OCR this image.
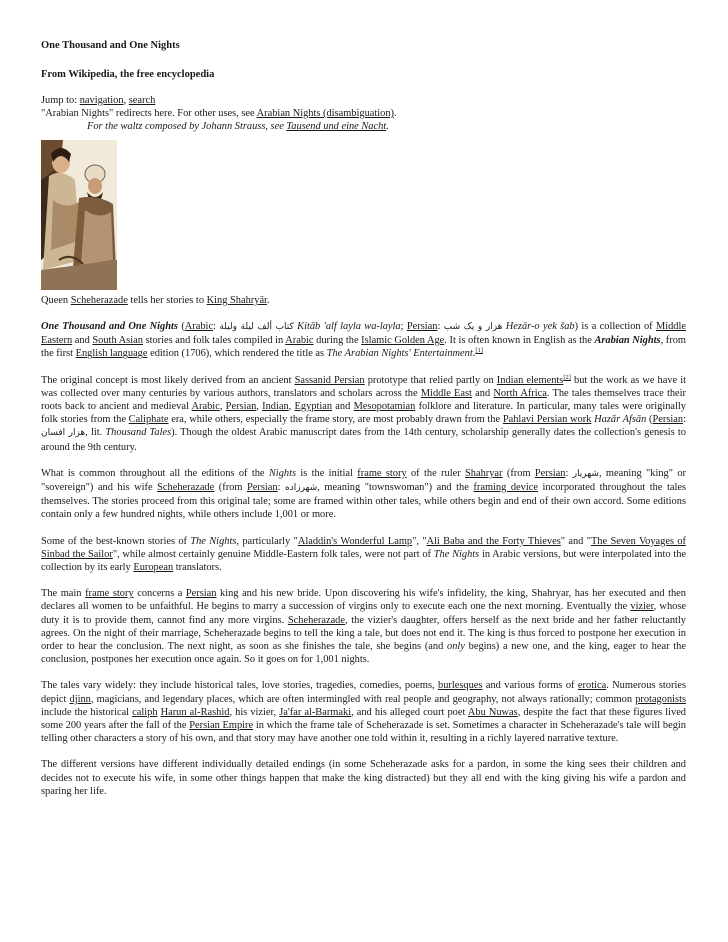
One Thousand and One Nights
From Wikipedia, the free encyclopedia
Jump to: navigation, search
"Arabian Nights" redirects here. For other uses, see Arabian Nights (disambiguation).
For the waltz composed by Johann Strauss, see Tausend und eine Nacht.
Queen Scheherazade tells her stories to King Shahryār.

One Thousand and One Nights (Arabic: كتاب ألف ليلة وليلة Kitāb 'alf layla wa-layla; Persian: هزار و یک شب Hezār-o yek šab) is a collection of Middle Eastern and South Asian stories and folk tales compiled in Arabic during the Islamic Golden Age. It is often known in English as the Arabian Nights, from the first English language edition (1706), which rendered the title as The Arabian Nights' Entertainment.[1]

The original concept is most likely derived from an ancient Sassanid Persian prototype that relied partly on Indian elements[2] but the work as we have it was collected over many centuries by various authors, translators and scholars across the Middle East and North Africa. The tales themselves trace their roots back to ancient and medieval Arabic, Persian, Indian, Egyptian and Mesopotamian folklore and literature. In particular, many tales were originally folk stories from the Caliphate era, while others, especially the frame story, are most probably drawn from the Pahlavi Persian work Hazār Afsān (Persian: هزار افسان, lit. Thousand Tales). Though the oldest Arabic manuscript dates from the 14th century, scholarship generally dates the collection's genesis to around the 9th century.

What is common throughout all the editions of the Nights is the initial frame story of the ruler Shahryar (from Persian: شهریار, meaning "king" or "sovereign") and his wife Scheherazade (from Persian: شهرزاده, meaning "townswoman") and the framing device incorporated throughout the tales themselves. The stories proceed from this original tale; some are framed within other tales, while others begin and end of their own accord. Some editions contain only a few hundred nights, while others include 1,001 or more.

Some of the best-known stories of The Nights, particularly "Aladdin's Wonderful Lamp", "Ali Baba and the Forty Thieves" and "The Seven Voyages of Sinbad the Sailor", while almost certainly genuine Middle-Eastern folk tales, were not part of The Nights in Arabic versions, but were interpolated into the collection by its early European translators.

The main frame story concerns a Persian king and his new bride. Upon discovering his wife's infidelity, the king, Shahryar, has her executed and then declares all women to be unfaithful. He begins to marry a succession of virgins only to execute each one the next morning. Eventually the vizier, whose duty it is to provide them, cannot find any more virgins. Scheherazade, the vizier's daughter, offers herself as the next bride and her father reluctantly agrees. On the night of their marriage, Scheherazade begins to tell the king a tale, but does not end it. The king is thus forced to postpone her execution in order to hear the conclusion. The next night, as soon as she finishes the tale, she begins (and only begins) a new one, and the king, eager to hear the conclusion, postpones her execution once again. So it goes on for 1,001 nights.

The tales vary widely: they include historical tales, love stories, tragedies, comedies, poems, burlesques and various forms of erotica. Numerous stories depict djinn, magicians, and legendary places, which are often intermingled with real people and geography, not always rationally; common protagonists include the historical caliph Harun al-Rashid, his vizier, Ja'far al-Barmaki, and his alleged court poet Abu Nuwas, despite the fact that these figures lived some 200 years after the fall of the Persian Empire in which the frame tale of Scheherazade is set. Sometimes a character in Scheherazade's tale will begin telling other characters a story of his own, and that story may have another one told within it, resulting in a richly layered narrative texture.

The different versions have different individually detailed endings (in some Scheherazade asks for a pardon, in some the king sees their children and decides not to execute his wife, in some other things happen that make the king distracted) but they all end with the king giving his wife a pardon and sparing her life.
